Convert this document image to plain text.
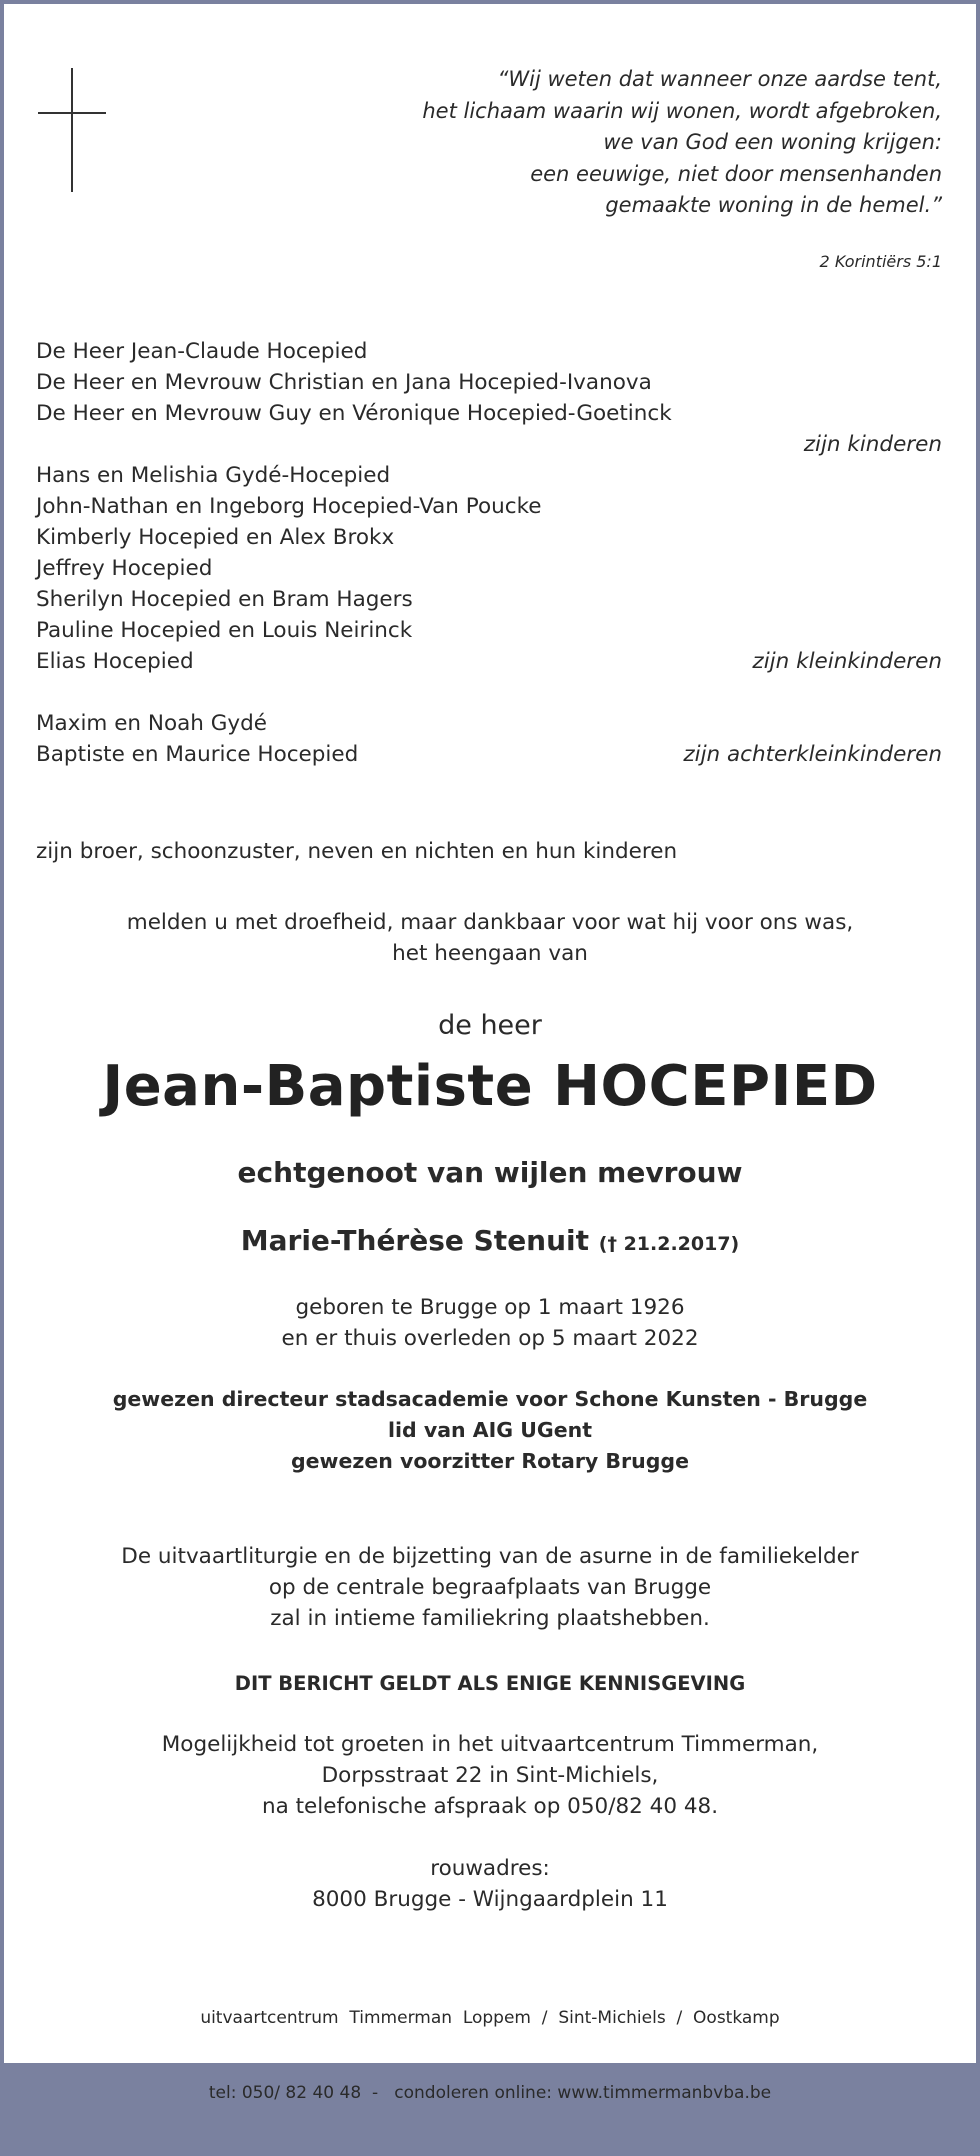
“Wij weten dat wanneer onze aardse tent,
het lichaam waarin wij wonen, wordt afgebroken,
we van God een woning krijgen:
een eeuwige, niet door mensenhanden
gemaakte woning in de hemel.”
2 Korintiërs 5:1
De Heer Jean-Claude Hocepied
De Heer en Mevrouw Christian en Jana Hocepied-Ivanova
De Heer en Mevrouw Guy en Véronique Hocepied-Goetinck
zijn kinderen
Hans en Melishia Gydé-Hocepied
John-Nathan en Ingeborg Hocepied-Van Poucke
Kimberly Hocepied en Alex Brokx
Jeffrey Hocepied
Sherilyn Hocepied en Bram Hagers
Pauline Hocepied en Louis Neirinck
Elias Hocepied	zijn kleinkinderen
Maxim en Noah Gydé
Baptiste en Maurice Hocepied	zijn achterkleinkinderen
zijn broer, schoonzuster, neven en nichten en hun kinderen
melden u met droefheid, maar dankbaar voor wat hij voor ons was,
het heengaan van
de heer
Jean-Baptiste HOCEPIED
echtgenoot van wijlen mevrouw
Marie-Thérèse Stenuit († 21.2.2017)
geboren te Brugge op 1 maart 1926
en er thuis overleden op 5 maart 2022
gewezen directeur stadsacademie voor Schone Kunsten - Brugge
lid van AIG UGent
gewezen voorzitter Rotary Brugge
De uitvaartliturgie en de bijzetting van de asurne in de familiekelder
op de centrale begraafplaats van Brugge
zal in intieme familiekring plaatshebben.
DIT BERICHT GELDT ALS ENIGE KENNISGEVING
Mogelijkheid tot groeten in het uitvaartcentrum Timmerman,
Dorpsstraat 22 in Sint-Michiels,
na telefonische afspraak op 050/82 40 48.
rouwadres:
8000 Brugge - Wijngaardplein 11

uitvaartcentrum  Timmerman  Loppem  /  Sint-Michiels  /  Oostkamp

tel: 050/ 82 40 48  -   condoleren online: www.timmermanbvba.be
